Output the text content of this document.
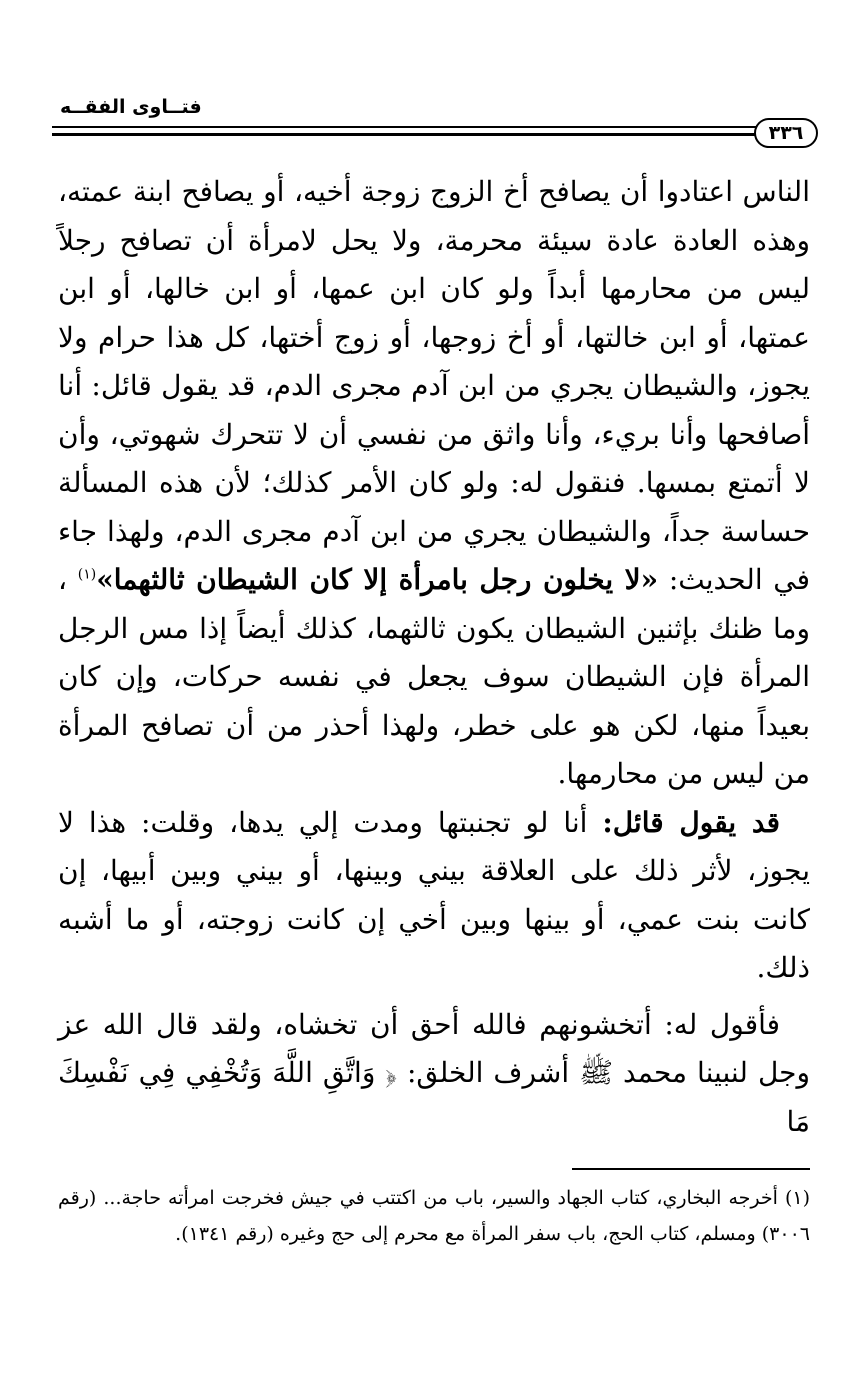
فتــاوى الفقــه
٣٣٦

الناس اعتادوا أن يصافح أخ الزوج زوجة أخيه، أو يصافح ابنة عمته، وهذه العادة عادة سيئة محرمة، ولا يحل لامرأة أن تصافح رجلاً ليس من محارمها أبداً ولو كان ابن عمها، أو ابن خالها، أو ابن عمتها، أو ابن خالتها، أو أخ زوجها، أو زوج أختها، كل هذا حرام ولا يجوز، والشيطان يجري من ابن آدم مجرى الدم، قد يقول قائل: أنا أصافحها وأنا بريء، وأنا واثق من نفسي أن لا تتحرك شهوتي، وأن لا أتمتع بمسها. فنقول له: ولو كان الأمر كذلك؛ لأن هذه المسألة حساسة جداً، والشيطان يجري من ابن آدم مجرى الدم، ولهذا جاء في الحديث: «لا يخلون رجل بامرأة إلا كان الشيطان ثالثهما»$^{(١)}$ ، وما ظنك بإثنين الشيطان يكون ثالثهما، كذلك أيضاً إذا مس الرجل المرأة فإن الشيطان سوف يجعل في نفسه حركات، وإن كان بعيداً منها، لكن هو على خطر، ولهذا أحذر من أن تصافح المرأة من ليس من محارمها.

قد يقول قائل: أنا لو تجنبتها ومدت إلي يدها، وقلت: هذا لا يجوز، لأثر ذلك على العلاقة بيني وبينها، أو بيني وبين أبيها، إن كانت بنت عمي، أو بينها وبين أخي إن كانت زوجته، أو ما أشبه ذلك.

فأقول له: أتخشونهم فالله أحق أن تخشاه، ولقد قال الله عز وجل لنبينا محمد ﷺ أشرف الخلق: ﴿ وَاتَّقِ اللَّهَ وَتُخْفِي فِي نَفْسِكَ مَا

(١) أخرجه البخاري، كتاب الجهاد والسير، باب من اكتتب في جيش فخرجت امرأته حاجة... (رقم ٣٠٠٦) ومسلم، كتاب الحج، باب سفر المرأة مع محرم إلى حج وغيره (رقم ١٣٤١).
